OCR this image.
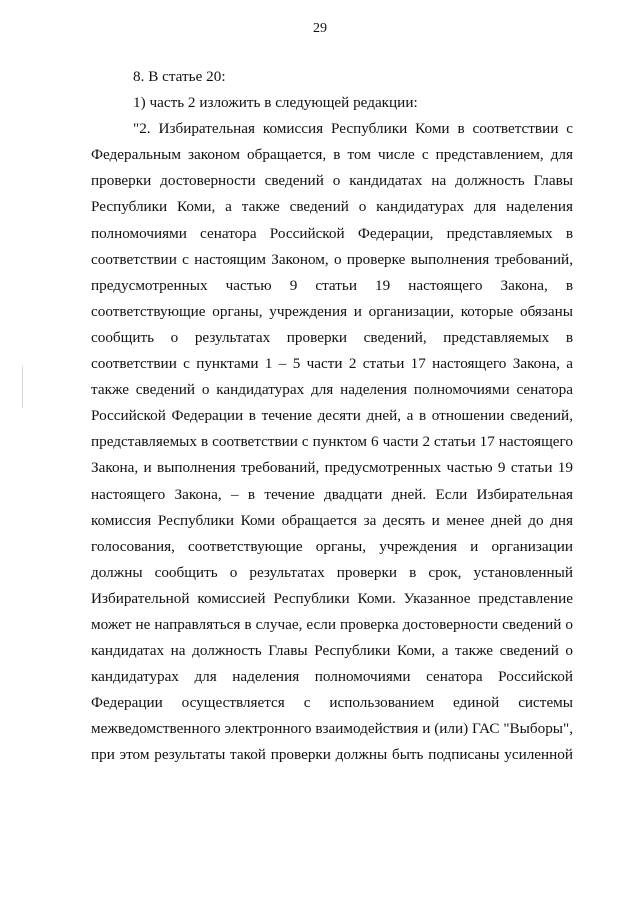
29
8. В статье 20:
1) часть 2 изложить в следующей редакции:
"2. Избирательная комиссия Республики Коми в соответствии с
Федеральным законом обращается, в том числе с представлением, для
проверки достоверности сведений о кандидатах на должность Главы
Республики Коми, а также сведений о кандидатурах для наделения
полномочиями сенатора Российской Федерации, представляемых в
соответствии с настоящим Законом, о проверке выполнения требований,
предусмотренных частью 9 статьи 19 настоящего Закона, в
соответствующие органы, учреждения и организации, которые обязаны
сообщить о результатах проверки сведений, представляемых в
соответствии с пунктами 1 – 5 части 2 статьи 17 настоящего Закона, а
также сведений о кандидатурах для наделения полномочиями сенатора
Российской Федерации в течение десяти дней, а в отношении сведений,
представляемых в соответствии с пунктом 6 части 2 статьи 17 настоящего
Закона, и выполнения требований, предусмотренных частью 9 статьи 19
настоящего Закона, – в течение двадцати дней. Если Избирательная
комиссия Республики Коми обращается за десять и менее дней до дня
голосования, соответствующие органы, учреждения и организации
должны сообщить о результатах проверки в срок, установленный
Избирательной комиссией Республики Коми. Указанное представление
может не направляться в случае, если проверка достоверности сведений о
кандидатах на должность Главы Республики Коми, а также сведений о
кандидатурах для наделения полномочиями сенатора Российской
Федерации осуществляется с использованием единой системы
межведомственного электронного взаимодействия и (или) ГАС "Выборы",
при этом результаты такой проверки должны быть подписаны усиленной
